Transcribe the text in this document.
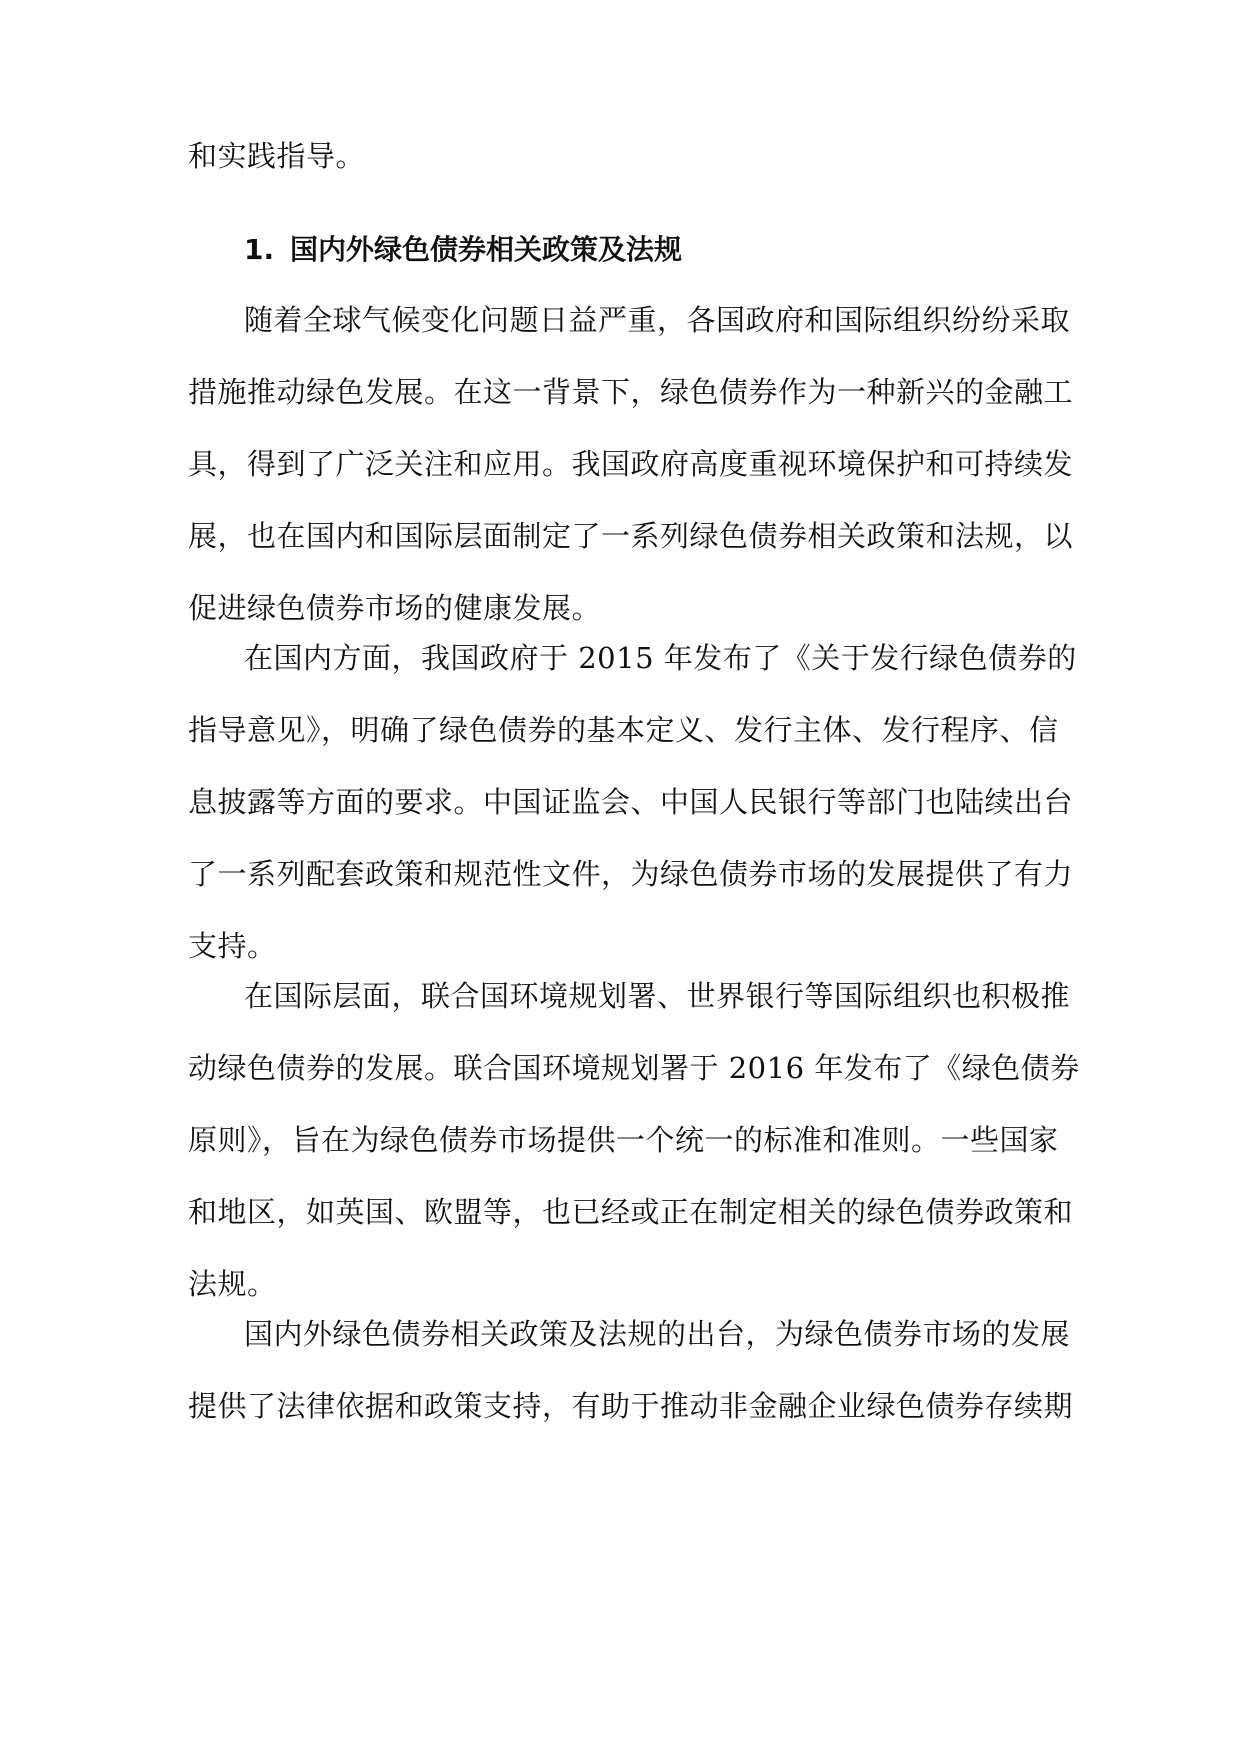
和实践指导。
1. 国内外绿色债券相关政策及法规
随着全球气候变化问题日益严重，各国政府和国际组织纷纷采取
措施推动绿色发展。在这一背景下，绿色债券作为一种新兴的金融工
具，得到了广泛关注和应用。我国政府高度重视环境保护和可持续发
展，也在国内和国际层面制定了一系列绿色债券相关政策和法规，以
促进绿色债券市场的健康发展。
在国内方面，我国政府于 2015 年发布了《关于发行绿色债券的
指导意见》，明确了绿色债券的基本定义、发行主体、发行程序、信
息披露等方面的要求。中国证监会、中国人民银行等部门也陆续出台
了一系列配套政策和规范性文件，为绿色债券市场的发展提供了有力
支持。
在国际层面，联合国环境规划署、世界银行等国际组织也积极推
动绿色债券的发展。联合国环境规划署于 2016 年发布了《绿色债券
原则》，旨在为绿色债券市场提供一个统一的标准和准则。一些国家
和地区，如英国、欧盟等，也已经或正在制定相关的绿色债券政策和
法规。
国内外绿色债券相关政策及法规的出台，为绿色债券市场的发展
提供了法律依据和政策支持，有助于推动非金融企业绿色债券存续期
